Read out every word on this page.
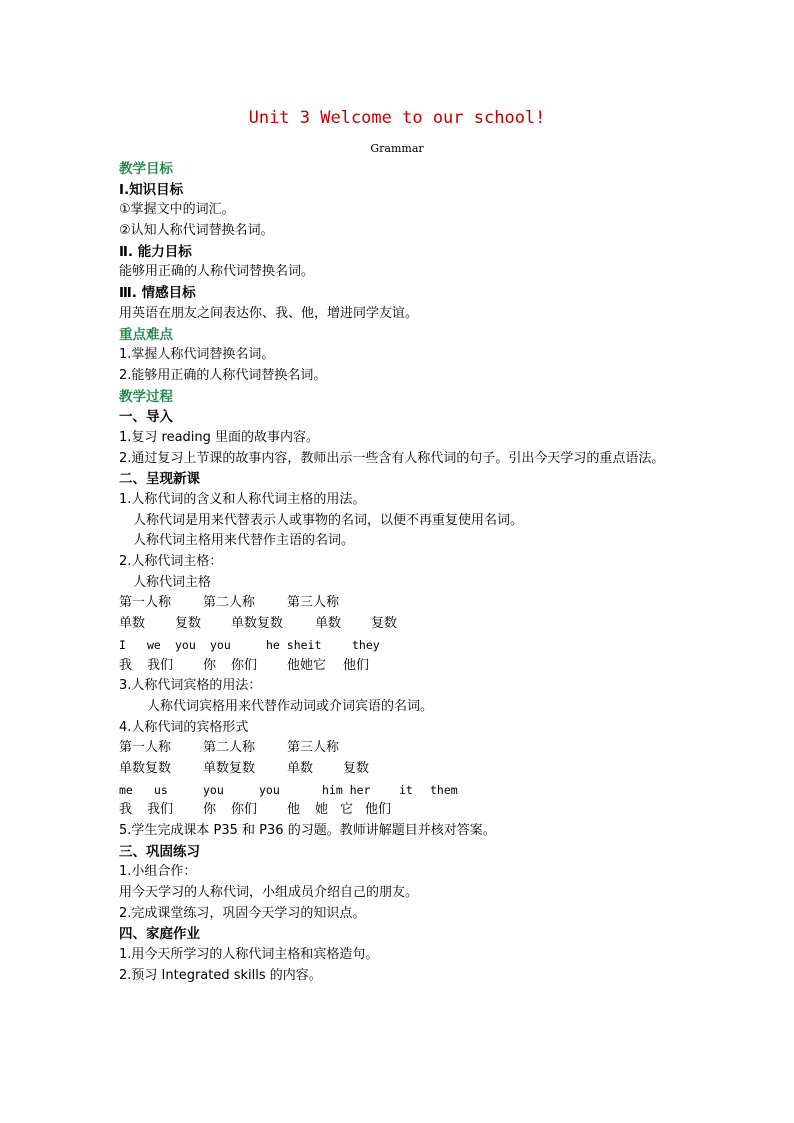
Unit 3 Welcome to our school!
Grammar
教学目标
Ⅰ.知识目标
①掌握文中的词汇。
②认知人称代词替换名词。
Ⅱ. 能力目标
能够用正确的人称代词替换名词。
Ⅲ. 情感目标
用英语在朋友之间表达你、我、他，增进同学友谊。
重点难点
1.掌握人称代词替换名词。
2.能够用正确的人称代词替换名词。
教学过程
一、导入
1.复习 reading 里面的故事内容。
2.通过复习上节课的故事内容，教师出示一些含有人称代词的句子。引出今天学习的重点语法。
二、呈现新课
1.人称代词的含义和人称代词主格的用法。
人称代词是用来代替表示人或事物的名词，以便不再重复使用名词。
人称代词主格用来代替作主语的名词。
2.人称代词主格：
人称代词主格
第一人称	第二人称	第三人称
单数	复数	单数复数	单数	复数
I	we	you	you	he sheit	they
我	我们	你	你们	他她它	他们
3.人称代词宾格的用法：
人称代词宾格用来代替作动词或介词宾语的名词。
4.人称代词的宾格形式
第一人称	第二人称	第三人称
单数复数	单数复数	单数	复数
me	us	you	you	him her	it	them
我	我们	你	你们	他	她 它 他们
5.学生完成课本 P35 和 P36 的习题。教师讲解题目并核对答案。
三、巩固练习
1.小组合作：
用今天学习的人称代词，小组成员介绍自己的朋友。
2.完成课堂练习，巩固今天学习的知识点。
四、家庭作业
1.用今天所学习的人称代词主格和宾格造句。
2.预习 Integrated skills 的内容。
